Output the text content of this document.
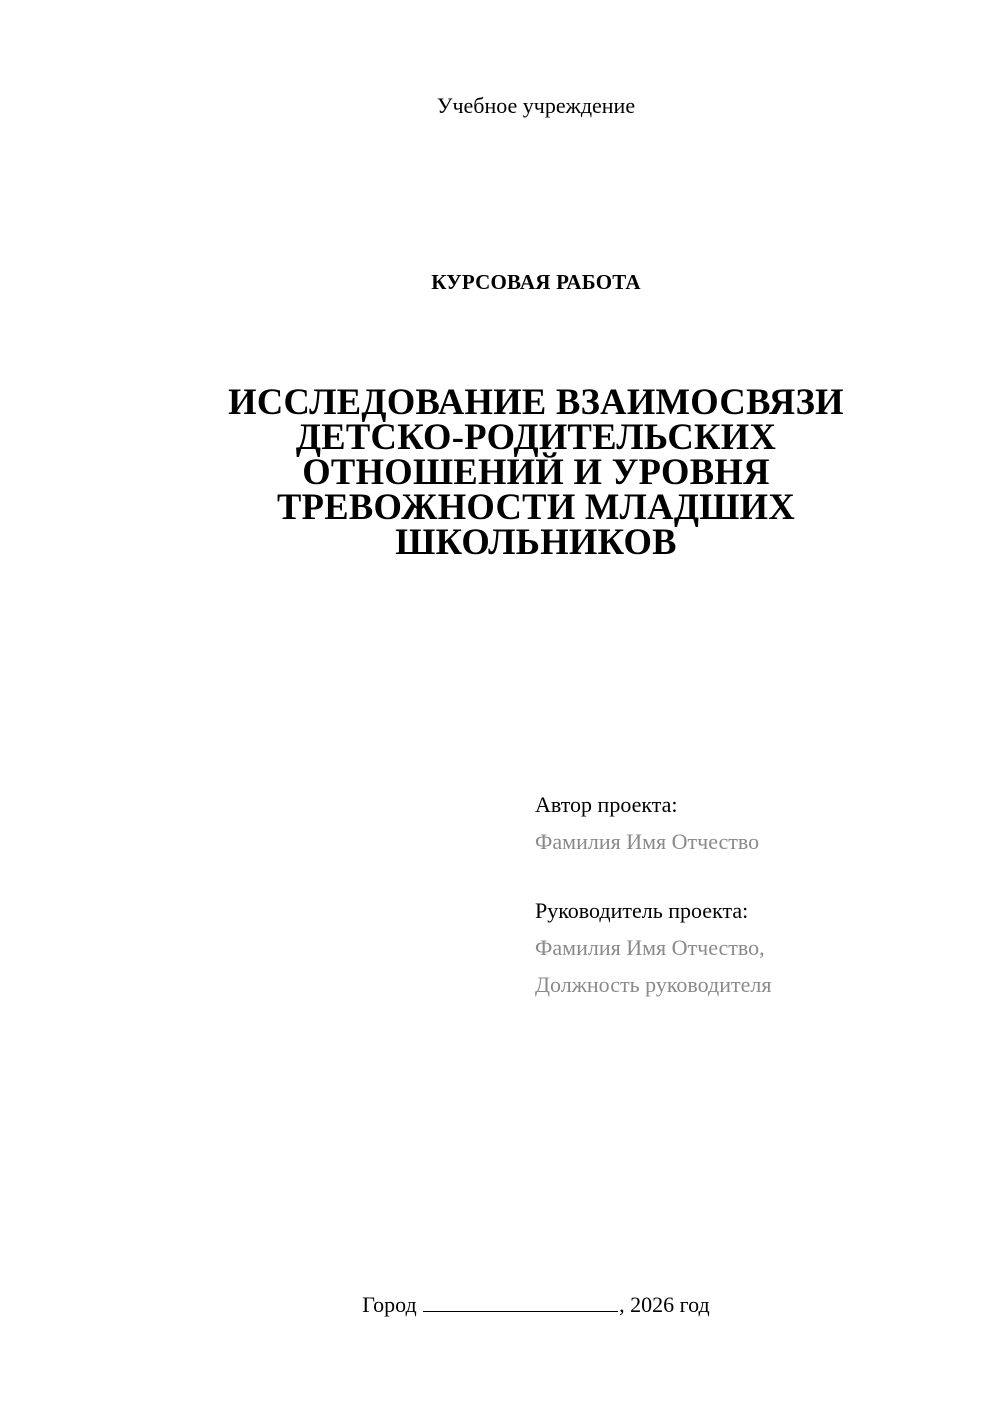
Учебное учреждение
КУРСОВАЯ РАБОТА
ИССЛЕДОВАНИЕ ВЗАИМОСВЯЗИ
ДЕТСКО-РОДИТЕЛЬСКИХ
ОТНОШЕНИЙ И УРОВНЯ
ТРЕВОЖНОСТИ МЛАДШИХ
ШКОЛЬНИКОВ
Автор проекта:
Фамилия Имя Отчество
Руководитель проекта:
Фамилия Имя Отчество,
Должность руководителя
Город	, 2026 год
